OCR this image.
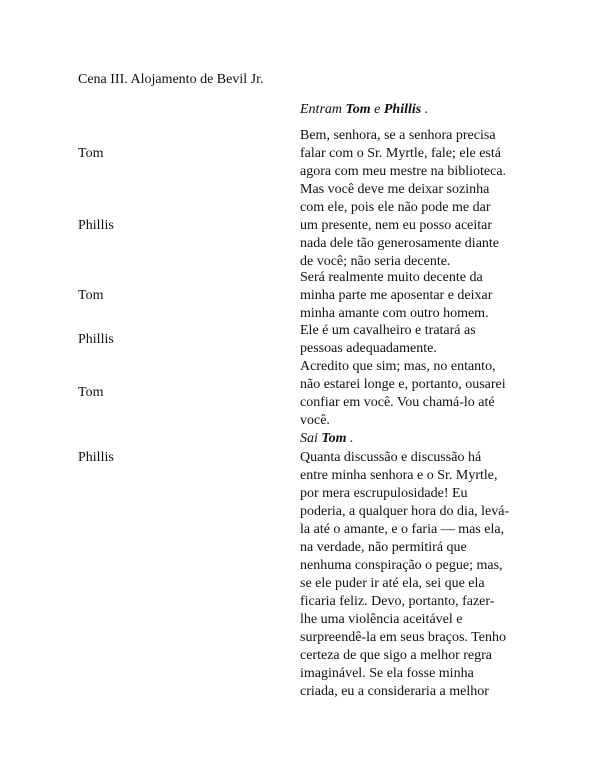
Cena III. Alojamento de Bevil Jr.
Entram Tom e Phillis .
Tom
Bem, senhora, se a senhora precisa
falar com o Sr. Myrtle, fale; ele está
agora com meu mestre na biblioteca.
Phillis
Mas você deve me deixar sozinha
com ele, pois ele não pode me dar
um presente, nem eu posso aceitar
nada dele tão generosamente diante
de você; não seria decente.
Tom
Será realmente muito decente da
minha parte me aposentar e deixar
minha amante com outro homem.
Phillis
Ele é um cavalheiro e tratará as
pessoas adequadamente.
Tom
Acredito que sim; mas, no entanto,
não estarei longe e, portanto, ousarei
confiar em você. Vou chamá-lo até
você.
Sai Tom .
Phillis	Quanta discussão e discussão há
entre minha senhora e o Sr. Myrtle,
por mera escrupulosidade! Eu
poderia, a qualquer hora do dia, levá-
la até o amante, e o faria — mas ela,
na verdade, não permitirá que
nenhuma conspiração o pegue; mas,
se ele puder ir até ela, sei que ela
ficaria feliz. Devo, portanto, fazer-
lhe uma violência aceitável e
surpreendê-la em seus braços. Tenho
certeza de que sigo a melhor regra
imaginável. Se ela fosse minha
criada, eu a consideraria a melhor
